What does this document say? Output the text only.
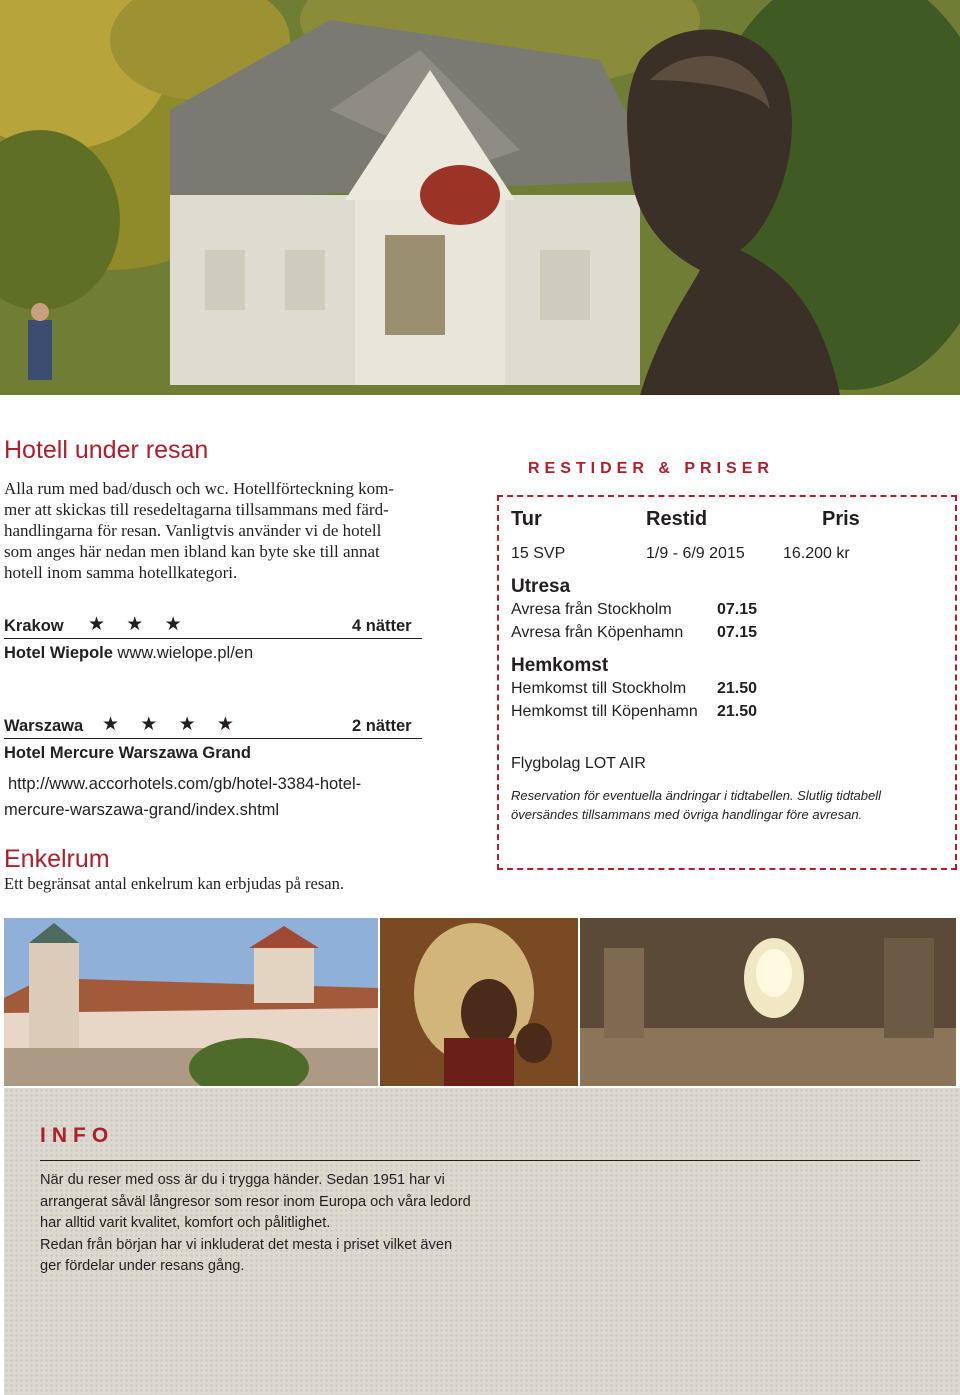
Hotell under resan
Alla rum med bad/dusch och wc. Hotellförteckning kom-
mer att skickas till resedeltagarna tillsammans med färd-
handlingarna för resan. Vanligtvis använder vi de hotell
som anges här nedan men ibland kan byte ske till annat
hotell inom samma hotellkategori.
Krakow ★ ★ ★	4 nätter
Hotel Wiepole www.wielope.pl/en
Warszawa ★ ★ ★ ★	2 nätter
Hotel Mercure Warszawa Grand
http://www.accorhotels.com/gb/hotel-3384-hotel-
mercure-warszawa-grand/index.shtml
Enkelrum
Ett begränsat antal enkelrum kan erbjudas på resan.
RESTIDER & PRISER
Tur	Restid	Pris
15 SVP	1/9 - 6/9 2015 16.200 kr
Utresa
Avresa från Stockholm	07.15
Avresa från Köpenhamn 07.15
Hemkomst
Hemkomst till Stockholm 21.50
Hemkomst till Köpenhamn 21.50
Flygbolag LOT AIR
Reservation för eventuella ändringar i tidtabellen. Slutlig tidtabell
översändes tillsammans med övriga handlingar före avresan.
INFO
När du reser med oss är du i trygga händer. Sedan 1951 har vi
arrangerat såväl långresor som resor inom Europa och våra ledord
har alltid varit kvalitet, komfort och pålitlighet.
Redan från början har vi inkluderat det mesta i priset vilket även
ger fördelar under resans gång.
